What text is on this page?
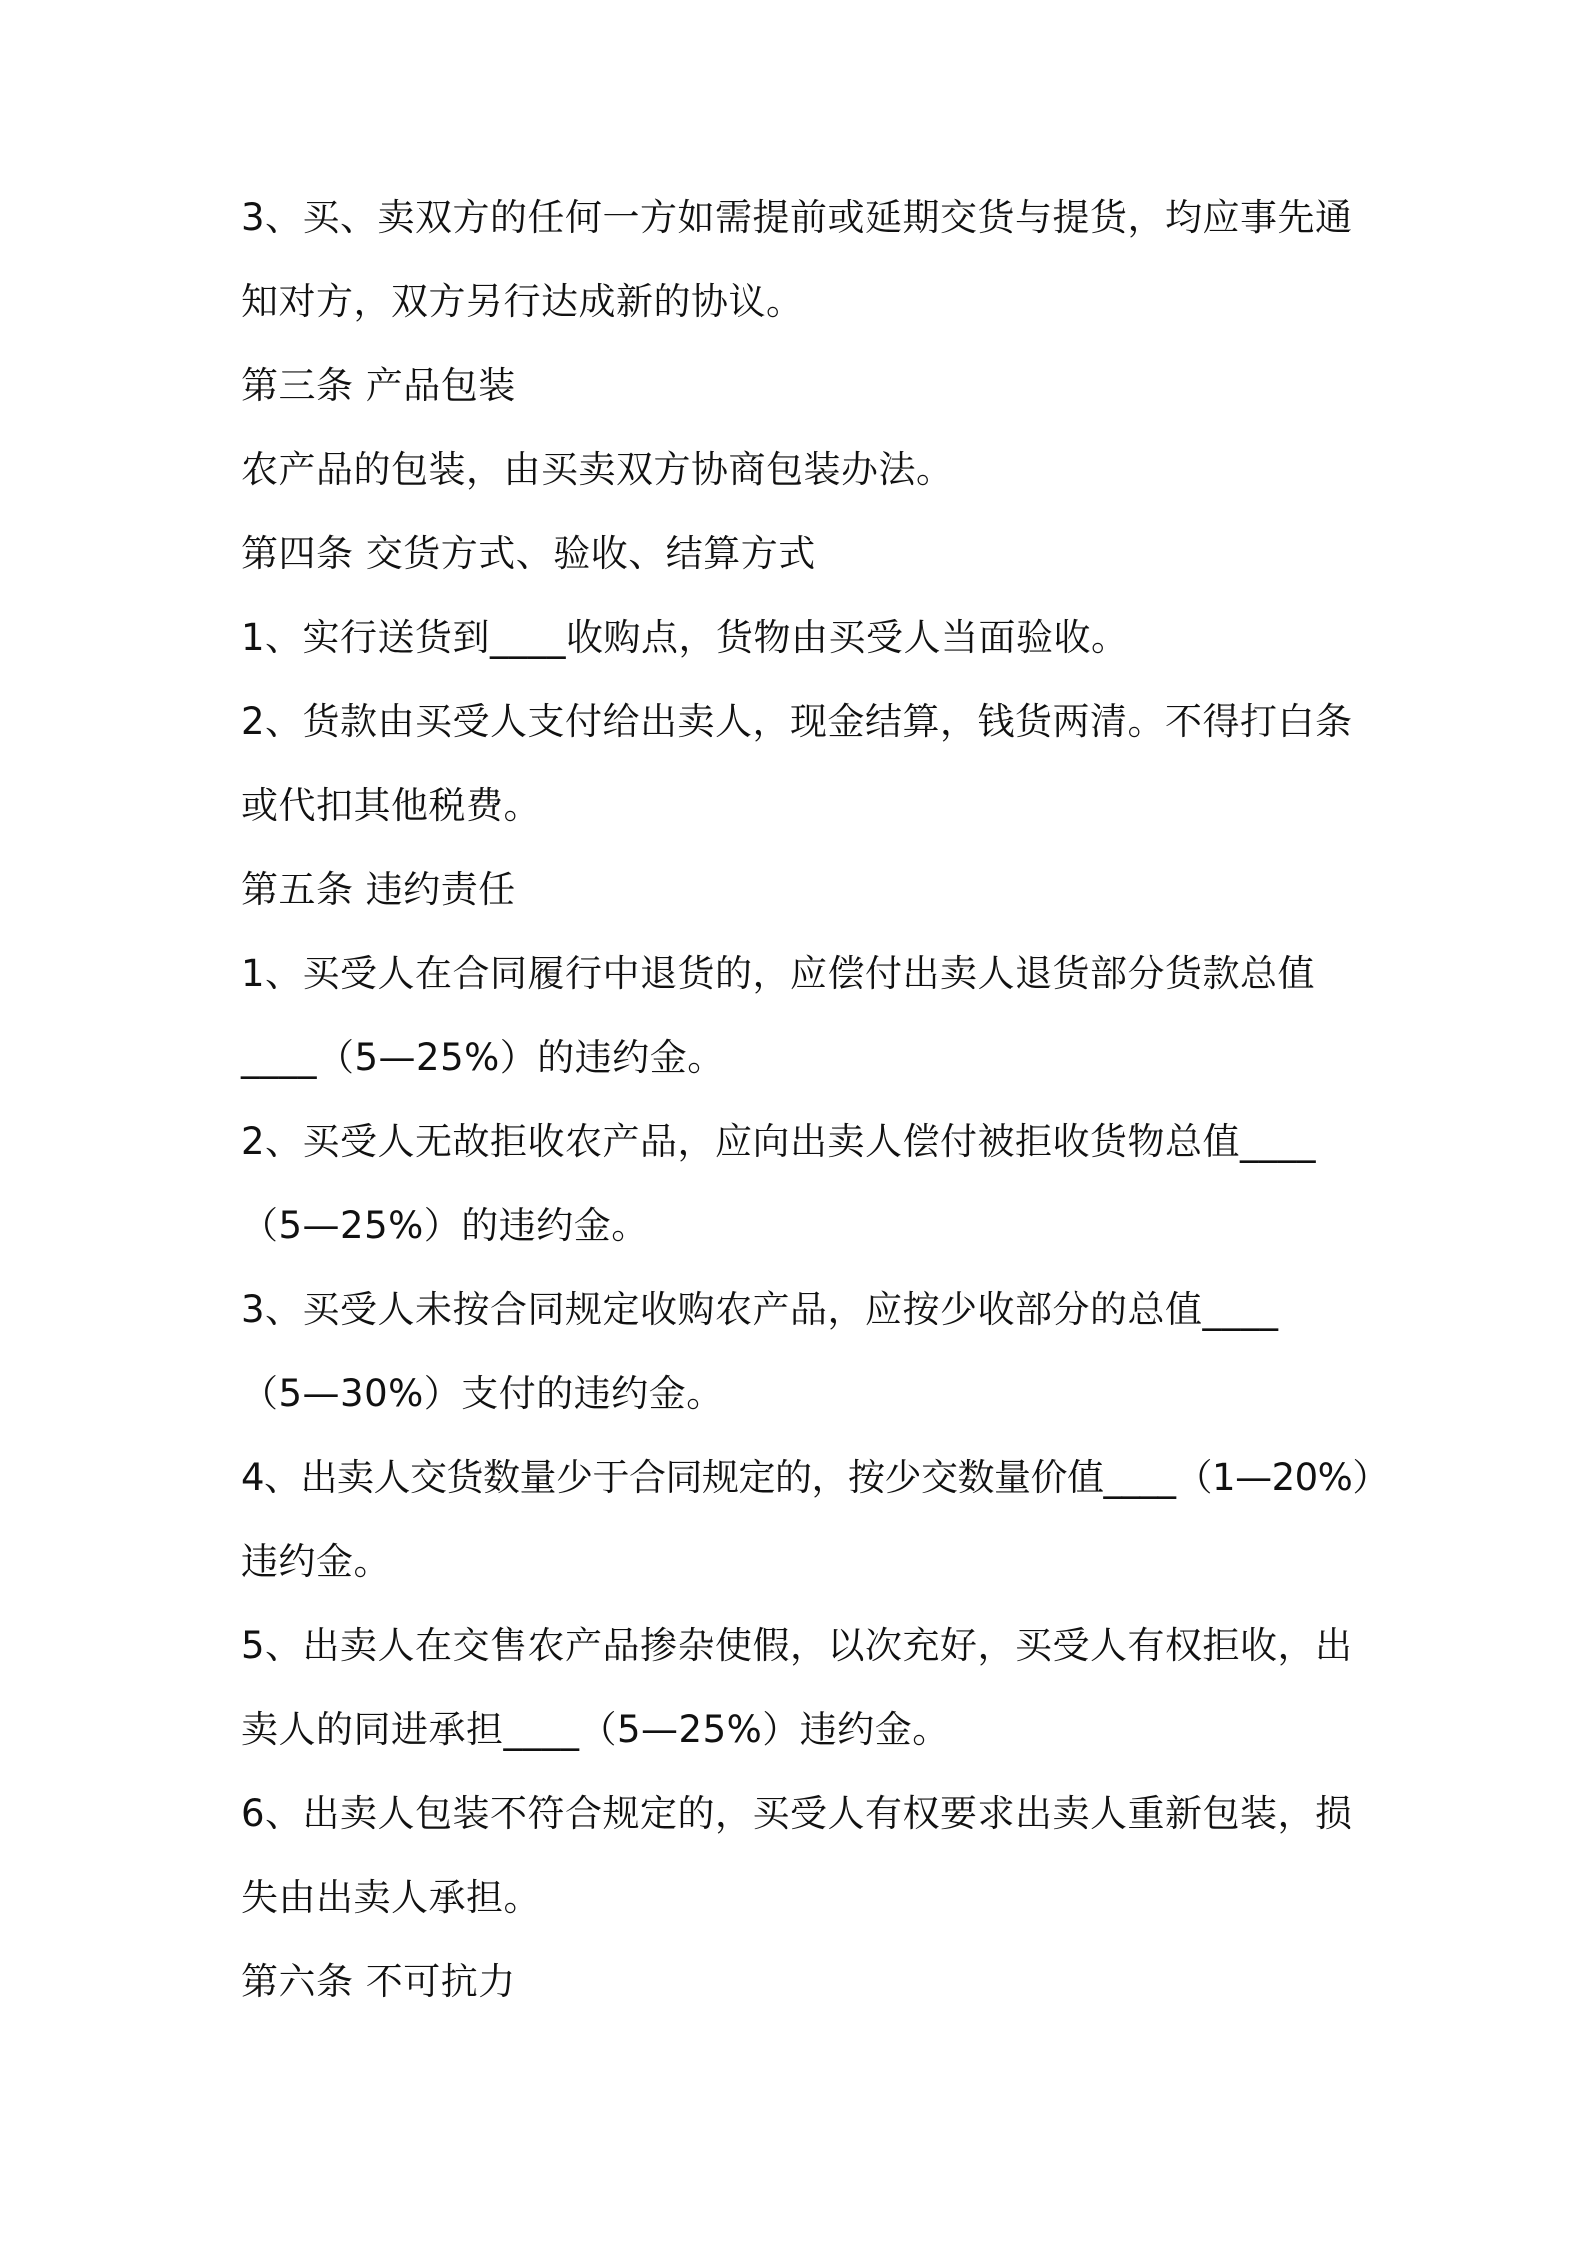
3、买、卖双方的任何一方如需提前或延期交货与提货，均应事先通

知对方，双方另行达成新的协议。

第三条 产品包装

农产品的包装，由买卖双方协商包装办法。

第四条 交货方式、验收、结算方式

1、实行送货到____收购点，货物由买受人当面验收。

2、货款由买受人支付给出卖人，现金结算，钱货两清。不得打白条

或代扣其他税费。

第五条 违约责任

1、买受人在合同履行中退货的，应偿付出卖人退货部分货款总值

____（5—25%）的违约金。

2、买受人无故拒收农产品，应向出卖人偿付被拒收货物总值____

（5—25%）的违约金。

3、买受人未按合同规定收购农产品，应按少收部分的总值____

（5—30%）支付的违约金。

4、出卖人交货数量少于合同规定的，按少交数量价值____（1—20%）

违约金。

5、出卖人在交售农产品掺杂使假，以次充好，买受人有权拒收，出

卖人的同进承担____（5—25%）违约金。

6、出卖人包装不符合规定的，买受人有权要求出卖人重新包装，损

失由出卖人承担。

第六条 不可抗力
